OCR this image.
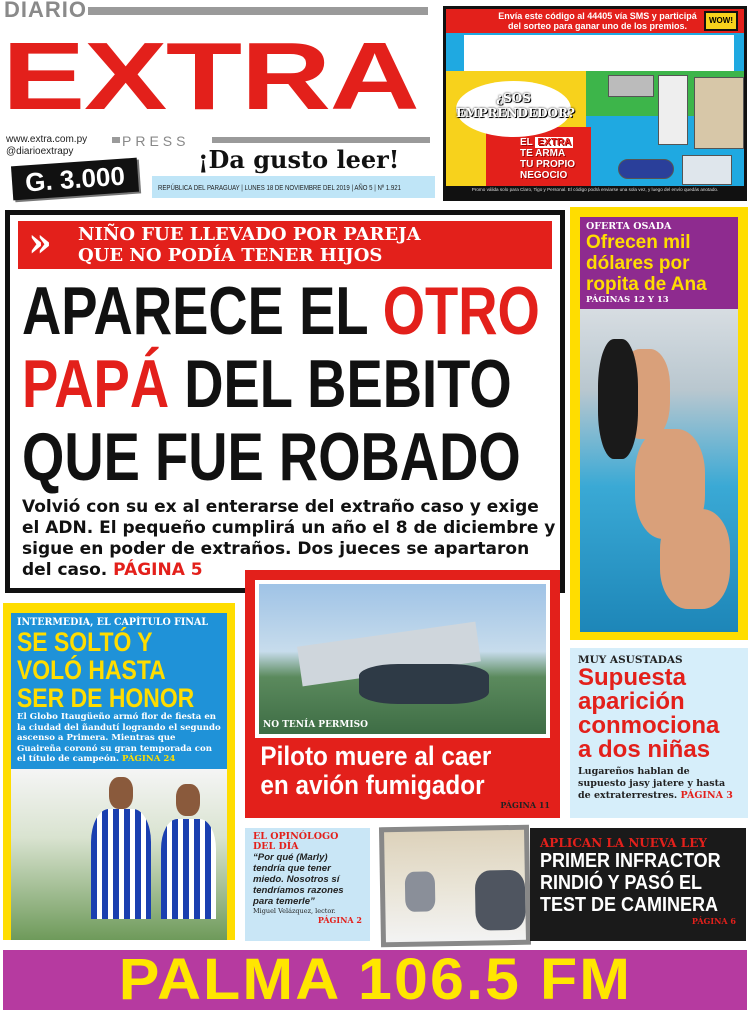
DIARIO
EXTRA
PRESS
www.extra.com.py
@diarioextrapy	¡Da gusto leer!
REPÚBLICA DEL PARAGUAY | LUNES 18 DE NOVIEMBRE DEL 2019 | AÑO 5 | Nº 1.921
G. 3.000
Envía este código al 44405 vía SMS y participá del sorteo para ganar uno de los premios.
WOW!
¿SOS EMPRENDEDOR?
EL EXTRA
TE ARMA
TU PROPIO NEGOCIO
Promo válida solo para Claro, Tigo y Personal. El código podrá enviarse una sola vez, y luego del envío quedás anotado.
›› NIÑO FUE LLEVADO POR PAREJA
QUE NO PODÍA TENER HIJOS
APARECE EL OTRO
PAPÁ DEL BEBITO
QUE FUE ROBADO
Volvió con su ex al enterarse del extraño caso y exige el ADN. El pequeño cumplirá un año el 8 de diciembre y sigue en poder de extraños. Dos jueces se apartaron del caso. PÁGINA 5
OFERTA OSADA
Ofrecen mil dólares por ropita de Ana
PÁGINAS 12 Y 13
INTERMEDIA, EL CAPÍTULO FINAL
SE SOLTÓ Y
VOLÓ HASTA
SER DE HONOR
El Globo Itaugüeño armó flor de fiesta en la ciudad del ñandutí logrando el segundo ascenso a Primera. Mientras que Guaireña coronó su gran temporada con el título de campeón. PÁGINA 24
NO TENÍA PERMISO
Piloto muere al caer
en avión fumigador
PÁGINA 11
MUY ASUSTADAS
Supuesta
aparición
conmociona
a dos niñas
Lugareños hablan de supuesto jasy jatere y hasta de extraterrestres. PÁGINA 3
EL OPINÓLOGO DEL DÍA
“Por qué (Marly) tendría que tener miedo. Nosotros sí tendríamos razones para temerle”
Miguel Velázquez, lector.
PÁGINA 2
APLICAN LA NUEVA LEY
PRIMER INFRACTOR
RINDIÓ Y PASÓ EL
TEST DE CAMINERA
PÁGINA 6
PALMA 106.5 FM
